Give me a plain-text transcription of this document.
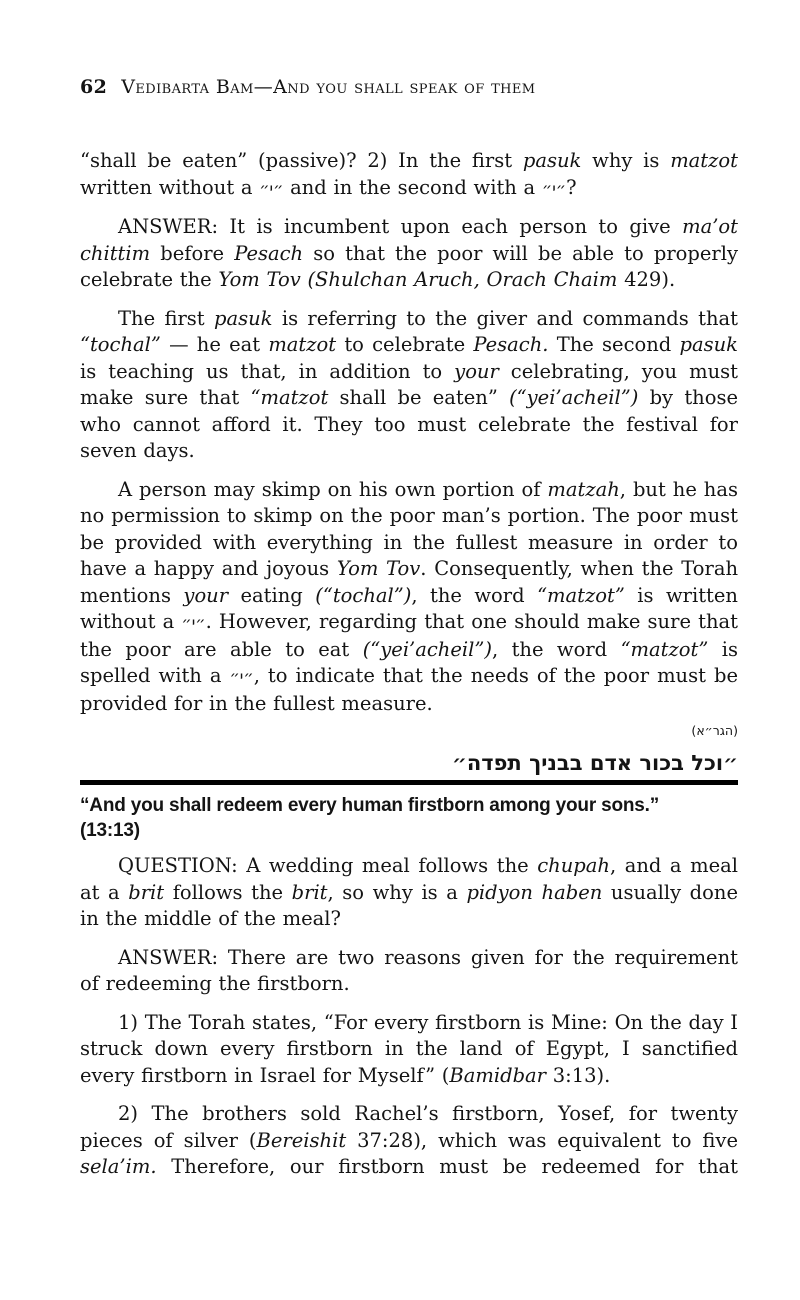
62 Vedibarta Bam—And you shall speak of them

“shall be eaten” (passive)? 2) In the first pasuk why is matzot written without a ״י״ and in the second with a ״י״?

ANSWER: It is incumbent upon each person to give ma’ot chittim before Pesach so that the poor will be able to properly celebrate the Yom Tov (Shulchan Aruch, Orach Chaim 429).

The first pasuk is referring to the giver and commands that “tochal” — he eat matzot to celebrate Pesach. The second pasuk is teaching us that, in addition to your celebrating, you must make sure that “matzot shall be eaten” (“yei’acheil”) by those who cannot afford it. They too must celebrate the festival for seven days.

A person may skimp on his own portion of matzah, but he has no permission to skimp on the poor man’s portion. The poor must be provided with everything in the fullest measure in order to have a happy and joyous Yom Tov. Consequently, when the Torah mentions your eating (“tochal”), the word “matzot” is written without a ״י״. However, regarding that one should make sure that the poor are able to eat (“yei’acheil”), the word “matzot” is spelled with a ״י״, to indicate that the needs of the poor must be provided for in the fullest measure.

(הגר״א)
״וכל בכור אדם בבניך תפדה״
“And you shall redeem every human firstborn among your sons.” (13:13)

QUESTION: A wedding meal follows the chupah, and a meal at a brit follows the brit, so why is a pidyon haben usually done in the middle of the meal?

ANSWER: There are two reasons given for the requirement of redeeming the firstborn.

1) The Torah states, “For every firstborn is Mine: On the day I struck down every firstborn in the land of Egypt, I sanctified every firstborn in Israel for Myself” (Bamidbar 3:13).

2) The brothers sold Rachel’s firstborn, Yosef, for twenty pieces of silver (Bereishit 37:28), which was equivalent to five sela’im. Therefore, our firstborn must be redeemed for that
